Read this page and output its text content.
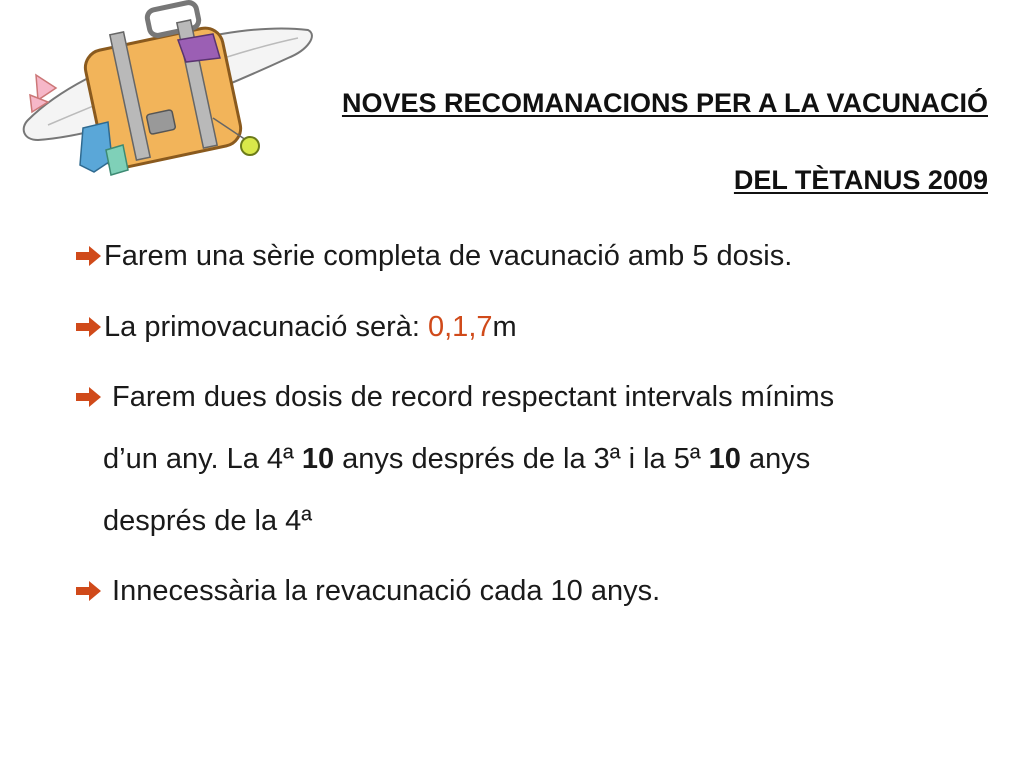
NOVES RECOMANACIONS PER A LA VACUNACIÓ
DEL TÈTANUS 2009
Farem una sèrie completa de vacunació amb 5 dosis.
La primovacunació serà: 0,1,7m
Farem dues dosis de record respectant intervals mínims
d’un any. La 4ª 10 anys després de la 3ª i la 5ª 10 anys
després de la 4ª
Innecessària la revacunació cada 10 anys.
